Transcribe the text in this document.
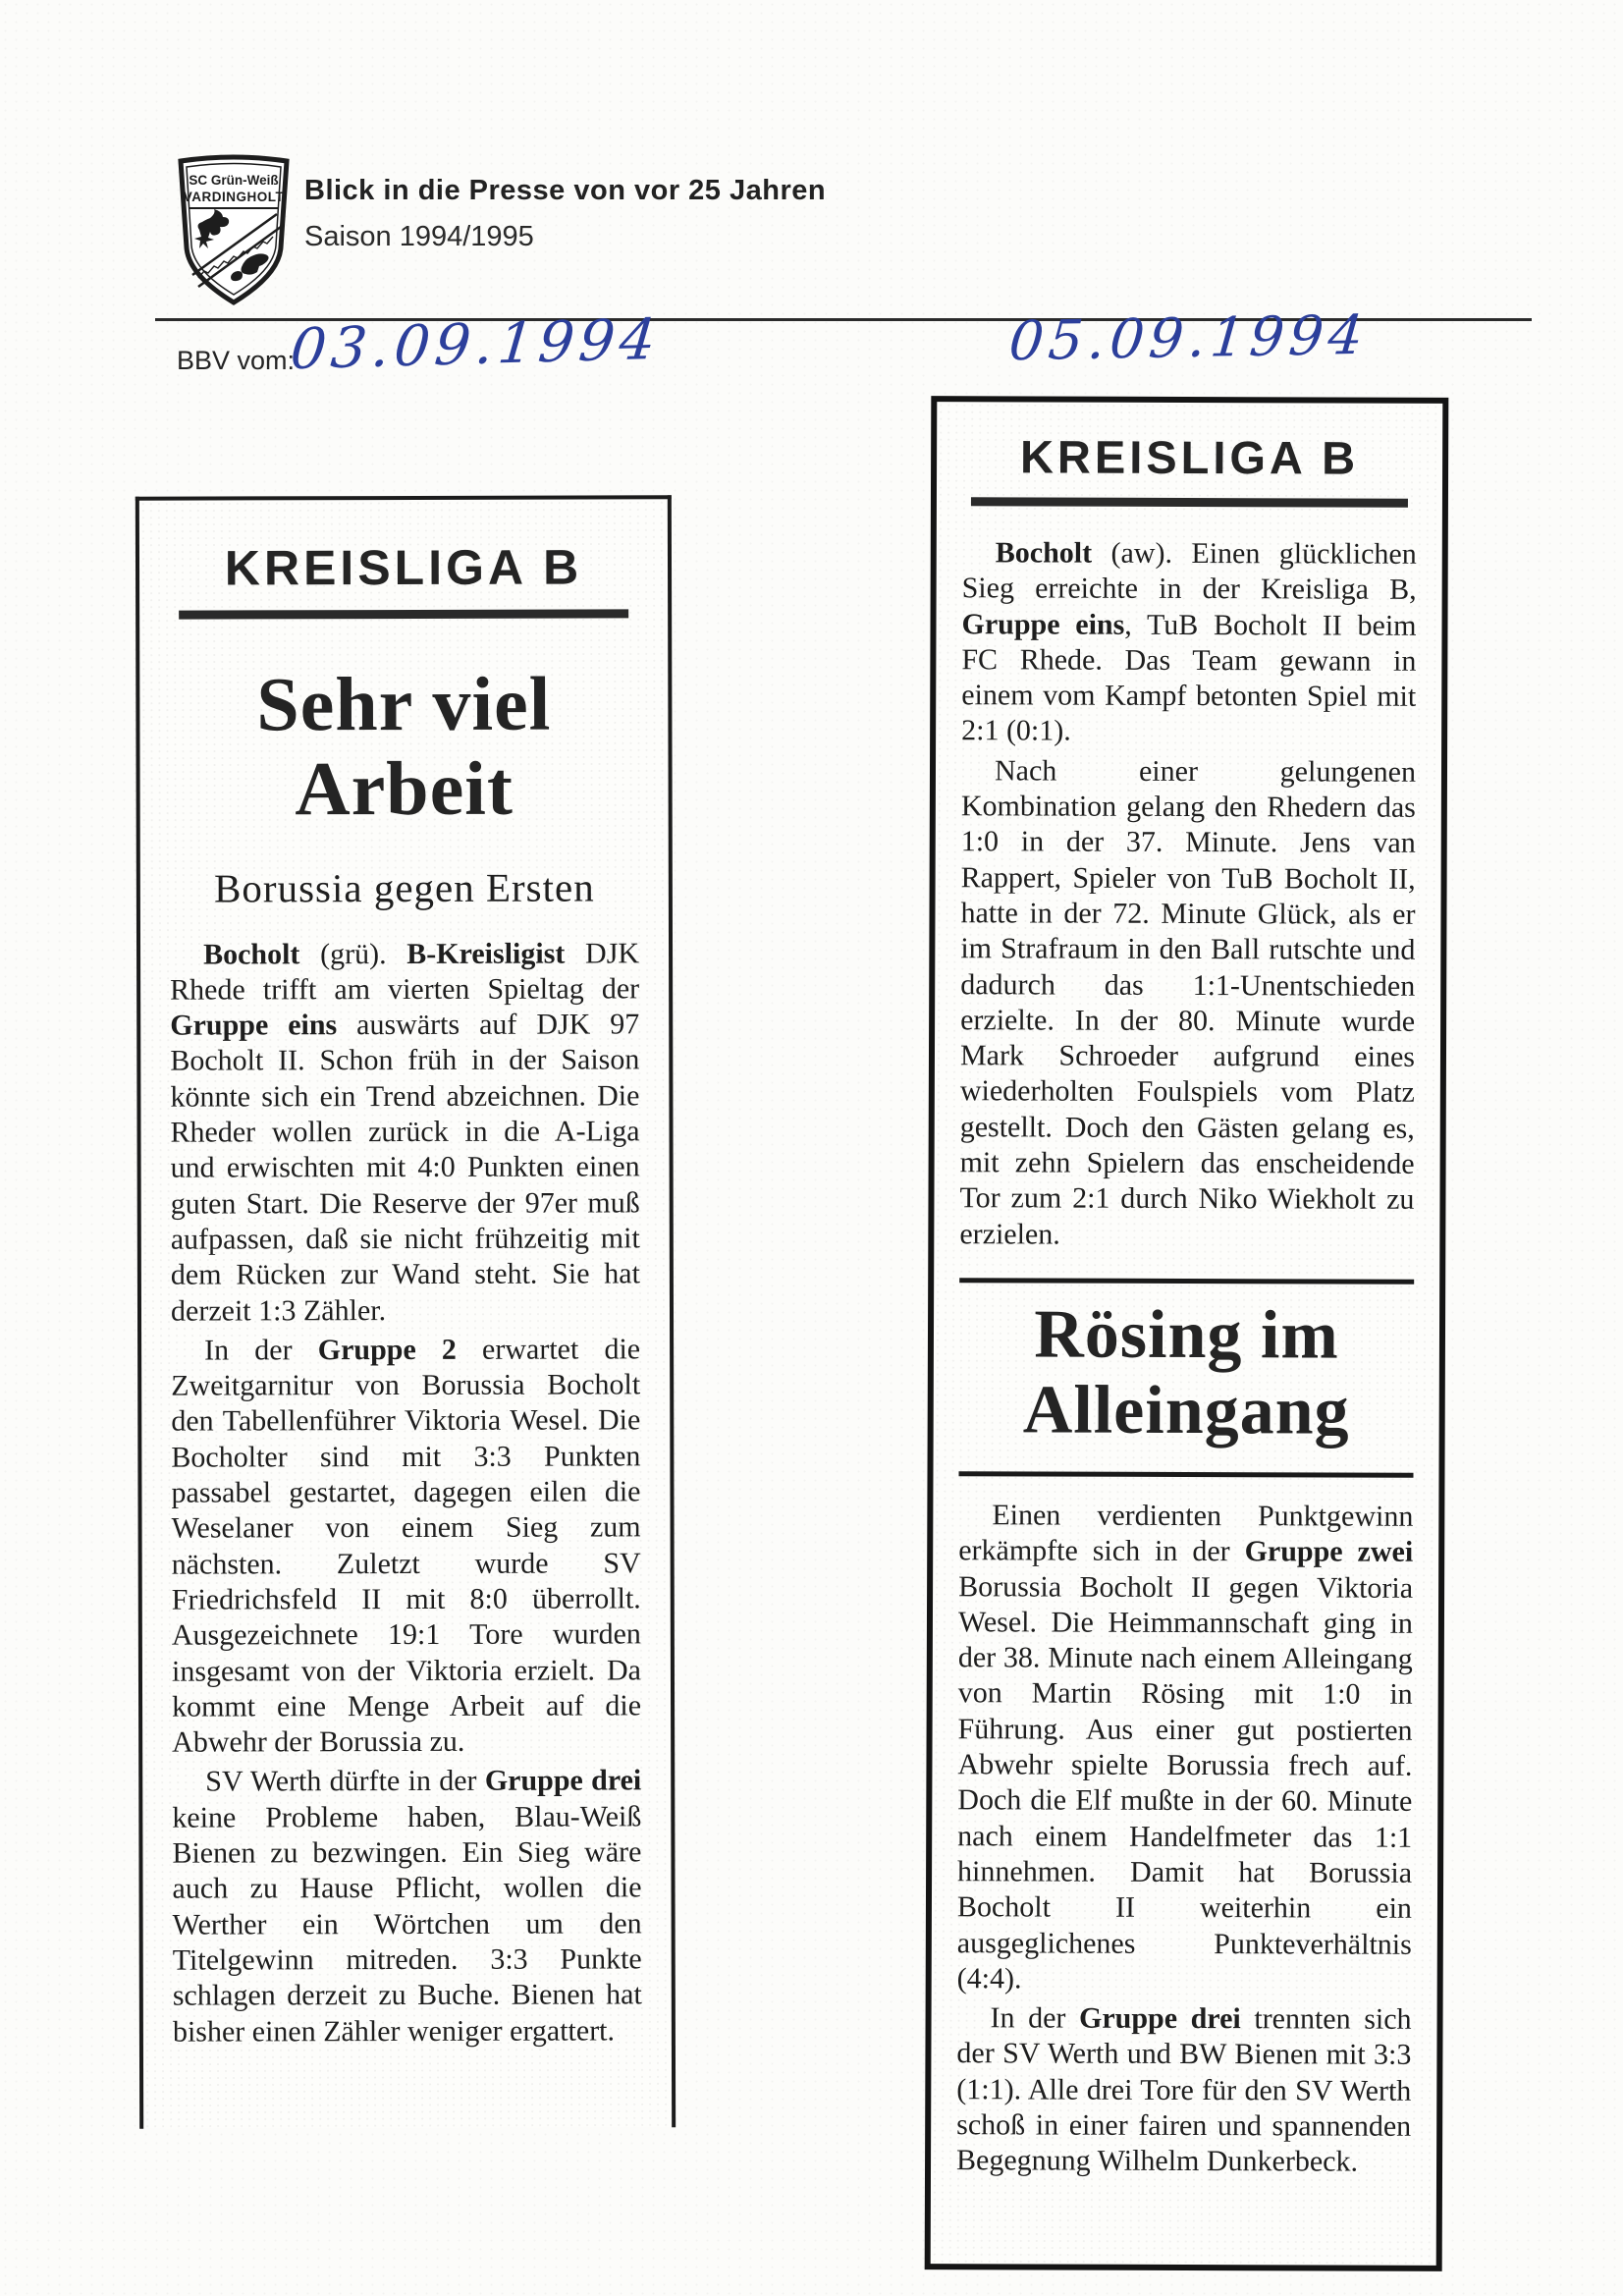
SC Grün-Weiß
VARDINGHOLT Blick in die Presse von vor 25 Jahren
Saison 1994/1995
BBV vom:
03.09.1994	05.09.1994
KREISLIGA B
Sehr viel
Arbeit
Borussia gegen Ersten

Bocholt (grü). B-Kreisligist DJK Rhede trifft am vierten Spieltag der Gruppe eins auswärts auf DJK 97 Bocholt II. Schon früh in der Saison könnte sich ein Trend abzeichnen. Die Rheder wollen zurück in die A-Liga und erwischten mit 4:0 Punkten einen guten Start. Die Reserve der 97er muß aufpassen, daß sie nicht frühzeitig mit dem Rücken zur Wand steht. Sie hat derzeit 1:3 Zähler.

In der Gruppe 2 erwartet die Zweitgarnitur von Borussia Bocholt den Tabellenführer Viktoria Wesel. Die Bocholter sind mit 3:3 Punkten passabel gestartet, dagegen eilen die Weselaner von einem Sieg zum nächsten. Zuletzt wurde SV Friedrichsfeld II mit 8:0 überrollt. Ausgezeichnete 19:1 Tore wurden insgesamt von der Viktoria erzielt. Da kommt eine Menge Arbeit auf die Abwehr der Borussia zu.

SV Werth dürfte in der Gruppe drei keine Probleme haben, Blau-Weiß Bienen zu bezwingen. Ein Sieg wäre auch zu Hause Pflicht, wollen die Werther ein Wörtchen um den Titelgewinn mitreden. 3:3 Punkte schlagen derzeit zu Buche. Bienen hat bisher einen Zähler weniger ergattert.

KREISLIGA B

Bocholt (aw). Einen glücklichen Sieg erreichte in der Kreisliga B, Gruppe eins, TuB Bocholt II beim FC Rhede. Das Team gewann in einem vom Kampf betonten Spiel mit 2:1 (0:1).

Nach einer gelungenen Kombination gelang den Rhedern das 1:0 in der 37. Minute. Jens van Rappert, Spieler von TuB Bocholt II, hatte in der 72. Minute Glück, als er im Strafraum in den Ball rutschte und dadurch das 1:1-Unentschieden erzielte. In der 80. Minute wurde Mark Schroeder aufgrund eines wiederholten Foulspiels vom Platz gestellt. Doch den Gästen gelang es, mit zehn Spielern das enscheidende Tor zum 2:1 durch Niko Wiekholt zu erzielen.

Rösing im
Alleingang

Einen verdienten Punktgewinn erkämpfte sich in der Gruppe zwei Borussia Bocholt II gegen Viktoria Wesel. Die Heimmannschaft ging in der 38. Minute nach einem Alleingang von Martin Rösing mit 1:0 in Führung. Aus einer gut postierten Abwehr spielte Borussia frech auf. Doch die Elf mußte in der 60. Minute nach einem Handelfmeter das 1:1 hinnehmen. Damit hat Borussia Bocholt II weiterhin ein ausgeglichenes Punkteverhältnis (4:4).

In der Gruppe drei trennten sich der SV Werth und BW Bienen mit 3:3 (1:1). Alle drei Tore für den SV Werth schoß in einer fairen und spannenden Begegnung Wilhelm Dunkerbeck.
